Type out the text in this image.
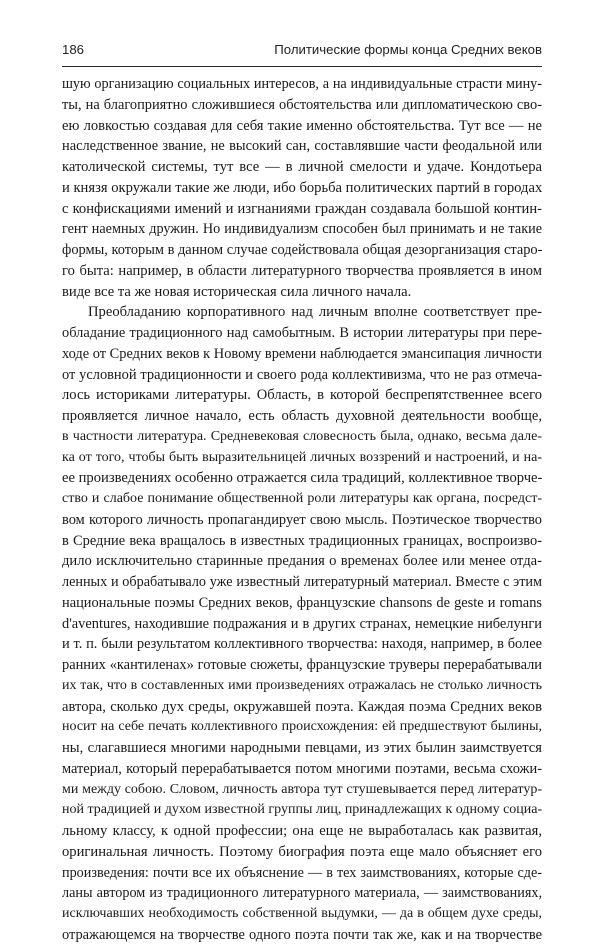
186	Политические формы конца Средних веков
шую организацию социальных интересов, а на индивидуальные страсти мину-
ты, на благоприятно сложившиеся обстоятельства или дипломатическою сво-
ею ловкостью создавая для себя такие именно обстоятельства. Тут все — не
наследственное звание, не высокий сан, составлявшие части феодальной или
католической системы, тут все — в личной смелости и удаче. Кондотьера
и князя окружали такие же люди, ибо борьба политических партий в городах
с конфискациями имений и изгнаниями граждан создавала большой контин-
гент наемных дружин. Но индивидуализм способен был принимать и не такие
формы, которым в данном случае содействовала общая дезорганизация старо-
го быта: например, в области литературного творчества проявляется в ином
виде все та же новая историческая сила личного начала.
Преобладанию корпоративного над личным вполне соответствует пре-
обладание традиционного над самобытным. В истории литературы при пере-
ходе от Средних веков к Новому времени наблюдается эмансипация личности
от условной традиционности и своего рода коллективизма, что не раз отмеча-
лось историками литературы. Область, в которой беспрепятственнее всего
проявляется личное начало, есть область духовной деятельности вообще,
в частности литература. Средневековая словесность была, однако, весьма дале-
ка от того, чтобы быть выразительницей личных воззрений и настроений, и на-
ее произведениях особенно отражается сила традиций, коллективное творче-
ство и слабое понимание общественной роли литературы как органа, посредст-
вом которого личность пропагандирует свою мысль. Поэтическое творчество
в Средние века вращалось в известных традиционных границах, воспроизво-
дило исключительно старинные предания о временах более или менее отда-
ленных и обрабатывало уже известный литературный материал. Вместе с этим
национальные поэмы Средних веков, французские chansons de geste и romans
d'aventures, находившие подражания и в других странах, немецкие нибелунги
и т. п. были результатом коллективного творчества: находя, например, в более
ранних «кантиленах» готовые сюжеты, французские труверы перерабатывали
их так, что в составленных ими произведениях отражалась не столько личность
автора, сколько дух среды, окружавшей поэта. Каждая поэма Средних веков
носит на себе печать коллективного происхождения: ей предшествуют былины,
ны, слагавшиеся многими народными певцами, из этих былин заимствуется
материал, который перерабатывается потом многими поэтами, весьма схожи-
ми между собою. Словом, личность автора тут стушевывается перед литератур-
ной традицией и духом известной группы лиц, принадлежащих к одному социа-
льному классу, к одной профессии; она еще не выработалась как развитая,
оригинальная личность. Поэтому биография поэта еще мало объясняет его
произведения: почти все их объяснение — в тех заимствованиях, которые сде-
ланы автором из традиционного литературного материала, — заимствованиях,
исключавших необходимость собственной выдумки, — да в общем духе среды,
отражающемся на творчестве одного поэта почти так же, как и на творчестве
